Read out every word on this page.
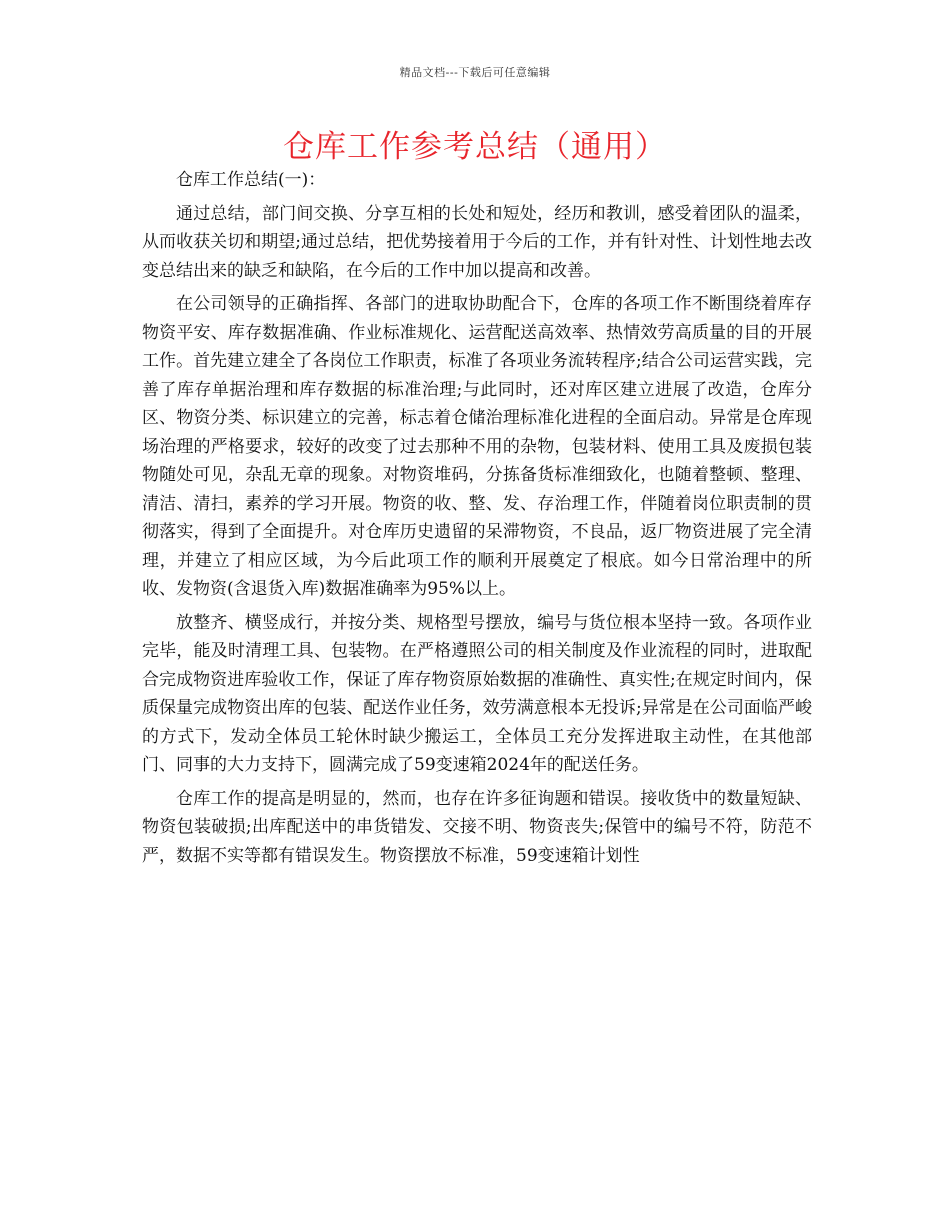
精品文档---下载后可任意编辑
仓库工作参考总结（通用）

仓库工作总结(一)：

通过总结，部门间交换、分享互相的长处和短处，经历和教训，感受着团队的温柔，从而收获关切和期望;通过总结，把优势接着用于今后的工作，并有针对性、计划性地去改变总结出来的缺乏和缺陷，在今后的工作中加以提高和改善。

在公司领导的正确指挥、各部门的进取协助配合下，仓库的各项工作不断围绕着库存物资平安、库存数据准确、作业标准规化、运营配送高效率、热情效劳高质量的目的开展工作。首先建立建全了各岗位工作职责，标准了各项业务流转程序;结合公司运营实践，完善了库存单据治理和库存数据的标准治理;与此同时，还对库区建立进展了改造，仓库分区、物资分类、标识建立的完善，标志着仓储治理标准化进程的全面启动。异常是仓库现场治理的严格要求，较好的改变了过去那种不用的杂物，包装材料、使用工具及废损包装物随处可见，杂乱无章的现象。对物资堆码，分拣备货标准细致化，也随着整顿、整理、清洁、清扫，素养的学习开展。物资的收、整、发、存治理工作，伴随着岗位职责制的贯彻落实，得到了全面提升。对仓库历史遗留的呆滞物资，不良品，返厂物资进展了完全清理，并建立了相应区域，为今后此项工作的顺利开展奠定了根底。如今日常治理中的所收、发物资(含退货入库)数据准确率为95%以上。

放整齐、横竖成行，并按分类、规格型号摆放，编号与货位根本坚持一致。各项作业完毕，能及时清理工具、包装物。在严格遵照公司的相关制度及作业流程的同时，进取配合完成物资进库验收工作，保证了库存物资原始数据的准确性、真实性;在规定时间内，保质保量完成物资出库的包装、配送作业任务，效劳满意根本无投诉;异常是在公司面临严峻的方式下，发动全体员工轮休时缺少搬运工，全体员工充分发挥进取主动性，在其他部门、同事的大力支持下，圆满完成了59变速箱2024年的配送任务。

仓库工作的提高是明显的，然而，也存在许多征询题和错误。接收货中的数量短缺、物资包装破损;出库配送中的串货错发、交接不明、物资丧失;保管中的编号不符，防范不严，数据不实等都有错误发生。物资摆放不标准，59变速箱计划性
